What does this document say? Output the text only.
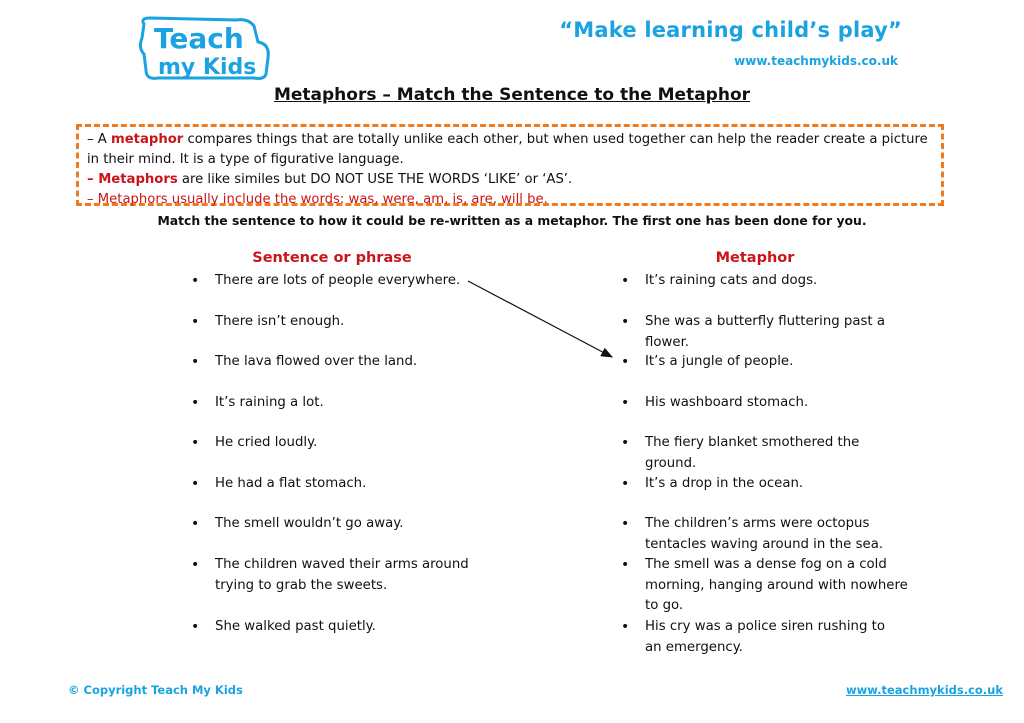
Teach
my Kids
“Make learning child’s play”
www.teachmykids.co.uk
Metaphors – Match the Sentence to the Metaphor

– A metaphor compares things that are totally unlike each other, but when used together can help the reader create a picture in their mind. It is a type of figurative language.

– Metaphors are like similes but DO NOT USE THE WORDS ‘LIKE’ or ‘AS’.

– Metaphors usually include the words: was, were, am, is, are, will be.

Match the sentence to how it could be re-written as a metaphor. The first one has been done for you.
Sentence or phrase	Metaphor
• There are lots of people everywhere.
• There isn’t enough.
• The lava flowed over the land.
• It’s raining a lot.
• He cried loudly.
• He had a flat stomach.
• The smell wouldn’t go away.
• The children waved their arms around trying to grab the sweets.
• She walked past quietly.
• It’s raining cats and dogs.
• She was a butterfly fluttering past a flower.
• It’s a jungle of people.
• His washboard stomach.
• The fiery blanket smothered the ground.
• It’s a drop in the ocean.
• The children’s arms were octopus tentacles waving around in the sea.
• The smell was a dense fog on a cold morning, hanging around with nowhere to go.
• His cry was a police siren rushing to an emergency.
© Copyright Teach My Kids	www.teachmykids.co.uk
